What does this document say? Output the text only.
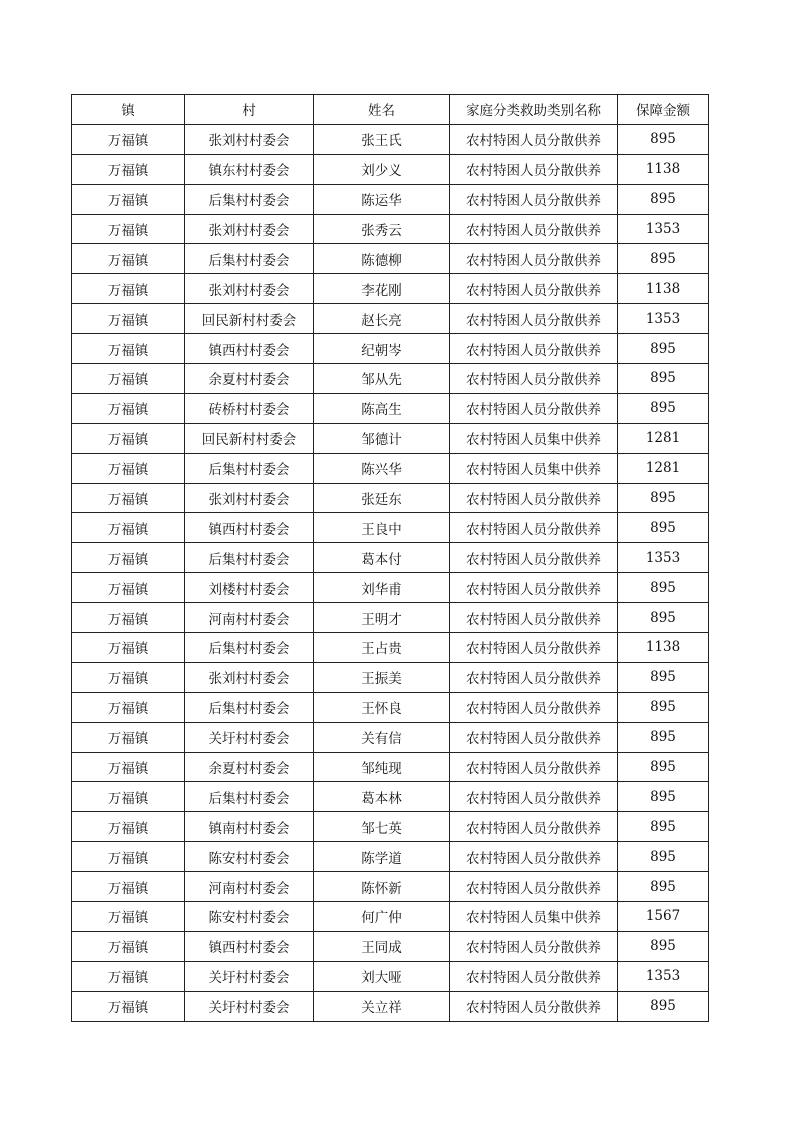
镇	村	姓名	家庭分类救助类别名称	保障金额
万福镇	张刘村村委会	张王氏	农村特困人员分散供养	895
万福镇	镇东村村委会	刘少义	农村特困人员分散供养	1138
万福镇	后集村村委会	陈运华	农村特困人员分散供养	895
万福镇	张刘村村委会	张秀云	农村特困人员分散供养	1353
万福镇	后集村村委会	陈德柳	农村特困人员分散供养	895
万福镇	张刘村村委会	李花刚	农村特困人员分散供养	1138
万福镇	回民新村村委会	赵长亮	农村特困人员分散供养	1353
万福镇	镇西村村委会	纪朝岑	农村特困人员分散供养	895
万福镇	余夏村村委会	邹从先	农村特困人员分散供养	895
万福镇	砖桥村村委会	陈高生	农村特困人员分散供养	895
万福镇	回民新村村委会	邹德计	农村特困人员集中供养	1281
万福镇	后集村村委会	陈兴华	农村特困人员集中供养	1281
万福镇	张刘村村委会	张廷东	农村特困人员分散供养	895
万福镇	镇西村村委会	王良中	农村特困人员分散供养	895
万福镇	后集村村委会	葛本付	农村特困人员分散供养	1353
万福镇	刘楼村村委会	刘华甫	农村特困人员分散供养	895
万福镇	河南村村委会	王明才	农村特困人员分散供养	895
万福镇	后集村村委会	王占贵	农村特困人员分散供养	1138
万福镇	张刘村村委会	王振美	农村特困人员分散供养	895
万福镇	后集村村委会	王怀良	农村特困人员分散供养	895
万福镇	关圩村村委会	关有信	农村特困人员分散供养	895
万福镇	余夏村村委会	邹纯现	农村特困人员分散供养	895
万福镇	后集村村委会	葛本林	农村特困人员分散供养	895
万福镇	镇南村村委会	邹七英	农村特困人员分散供养	895
万福镇	陈安村村委会	陈学道	农村特困人员分散供养	895
万福镇	河南村村委会	陈怀新	农村特困人员分散供养	895
万福镇	陈安村村委会	何广仲	农村特困人员集中供养	1567
万福镇	镇西村村委会	王同成	农村特困人员分散供养	895
万福镇	关圩村村委会	刘大哑	农村特困人员分散供养	1353
万福镇	关圩村村委会	关立祥	农村特困人员分散供养	895
